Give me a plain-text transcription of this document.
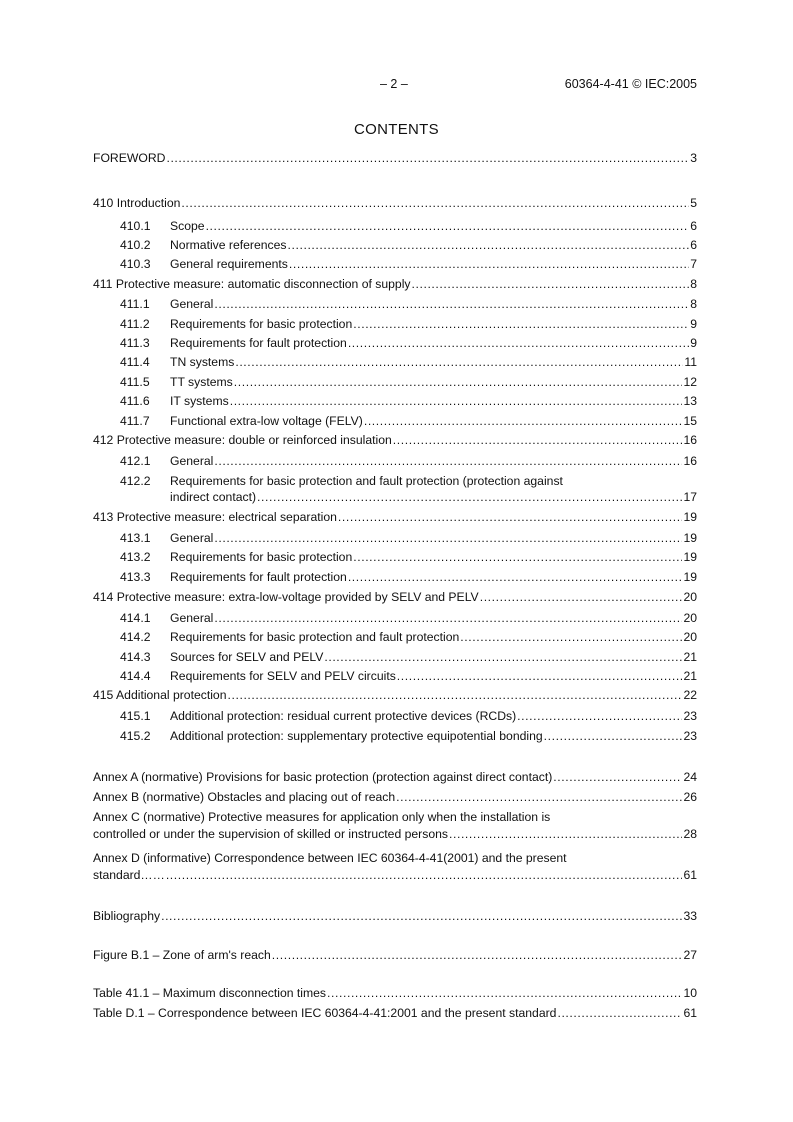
– 2 –	60364-4-41 © IEC:2005
CONTENTS
FOREWORD .....	3
410 Introduction .....	5
410.1	Scope .....	6
410.2	Normative references .....	6
410.3	General requirements .....	7
411 Protective measure: automatic disconnection of supply .....	8
411.1	General .....	8
411.2	Requirements for basic protection .....	9
411.3	Requirements for fault protection .....	9
411.4	TN systems .....	11
411.5	TT systems .....	12
411.6	IT systems .....	13
411.7	Functional extra-low voltage (FELV) .....	15
412 Protective measure: double or reinforced insulation .....	16
412.1	General .....	16
412.2	Requirements for basic protection and fault protection (protection against
indirect contact) .....	17
413 Protective measure: electrical separation .....	19
413.1	General .....	19
413.2	Requirements for basic protection .....	19
413.3	Requirements for fault protection .....	19
414 Protective measure: extra-low-voltage provided by SELV and PELV .....	20
414.1	General .....	20
414.2	Requirements for basic protection and fault protection .....	20
414.3	Sources for SELV and PELV .....	21
414.4	Requirements for SELV and PELV circuits .....	21
415 Additional protection .....	22
415.1	Additional protection: residual current protective devices (RCDs) .....	23
415.2	Additional protection: supplementary protective equipotential bonding .....	23
Annex A (normative) Provisions for basic protection (protection against direct contact) .....	24
Annex B (normative) Obstacles and placing out of reach .....	26
Annex C (normative) Protective measures for application only when the installation is
controlled or under the supervision of skilled or instructed persons .....	28
Annex D (informative) Correspondence between IEC 60364-4-41(2001) and the present
standard…… .....	61
Bibliography .....	33
Figure B.1 – Zone of arm's reach .....	27
Table 41.1 – Maximum disconnection times .....	10
Table D.1 – Correspondence between IEC 60364-4-41:2001 and the present standard .....	61
